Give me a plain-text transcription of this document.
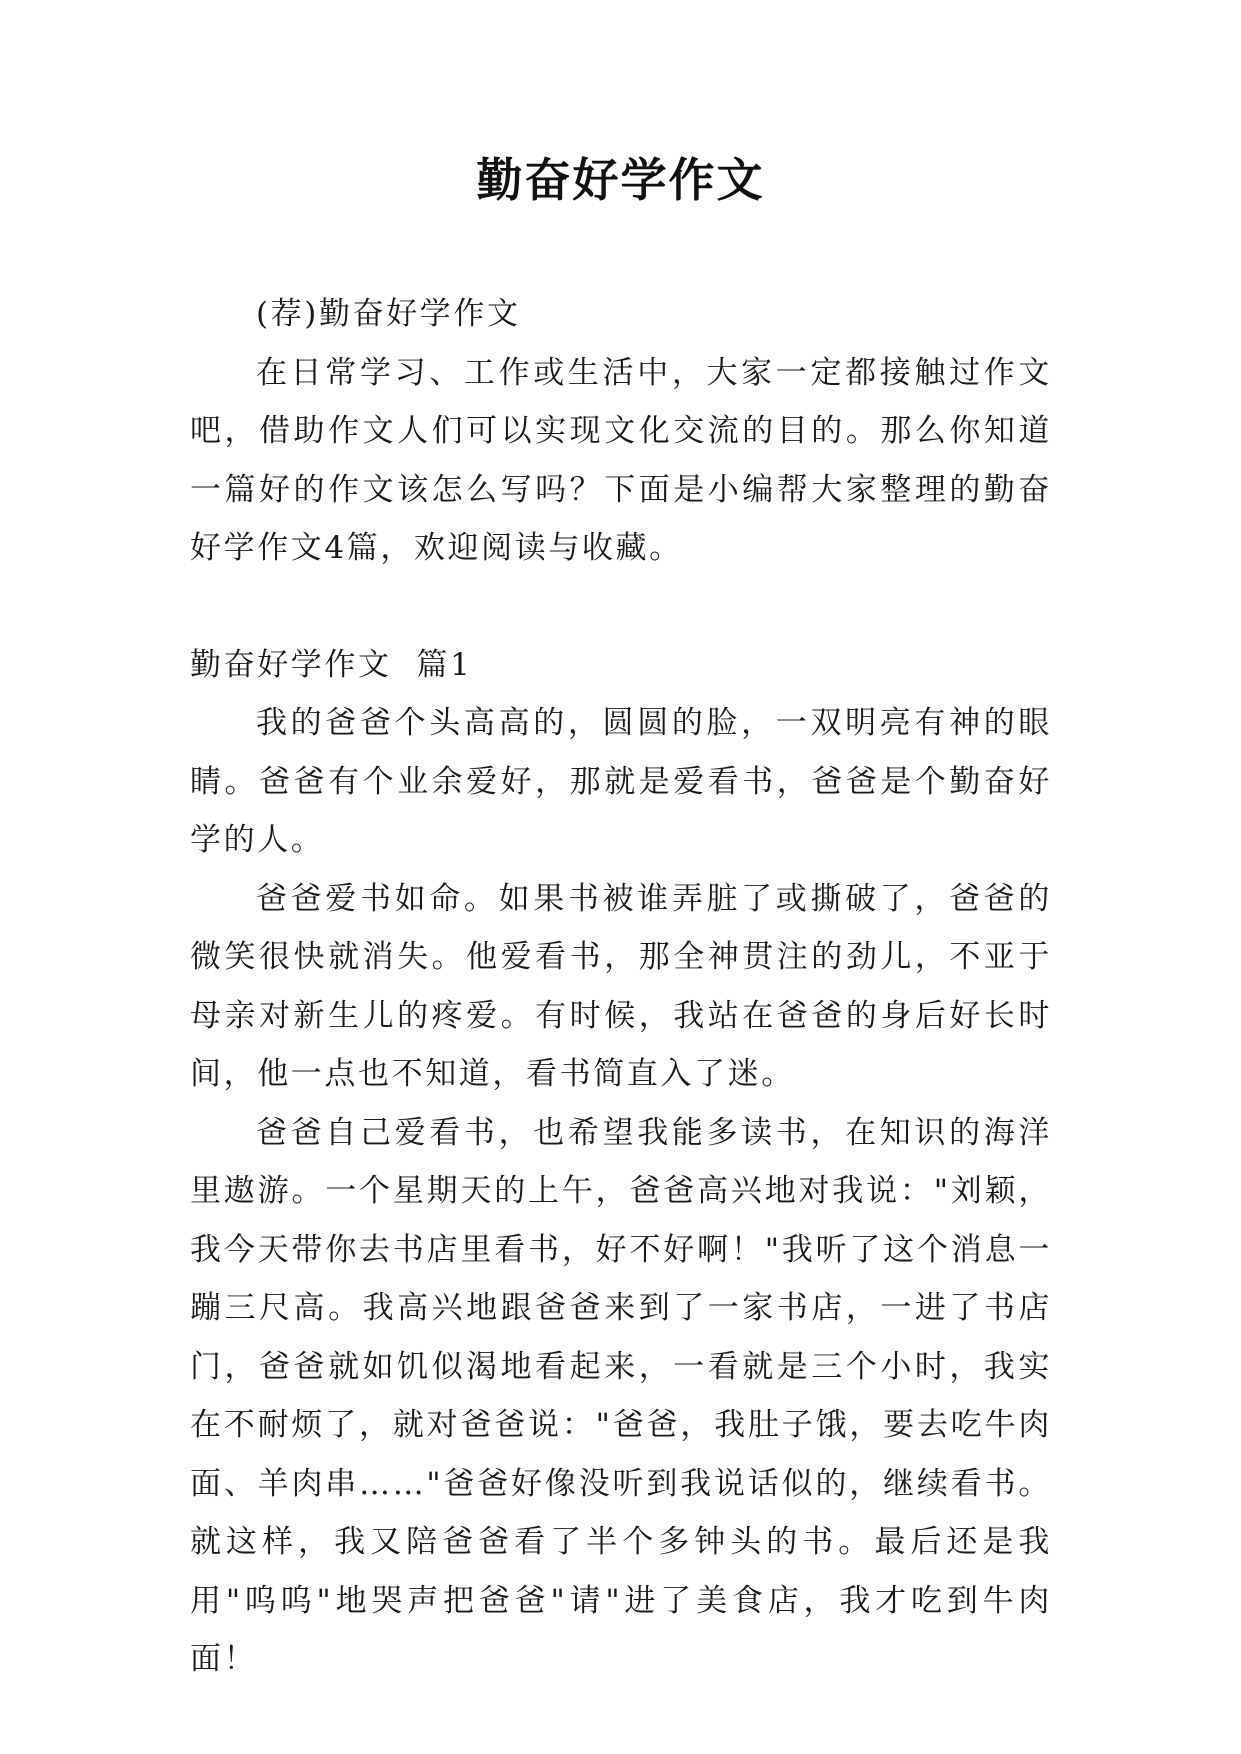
勤奋好学作文

(荐)勤奋好学作文

在日常学习、工作或生活中，大家一定都接触过作文吧，借助作文人们可以实现文化交流的目的。那么你知道一篇好的作文该怎么写吗？下面是小编帮大家整理的勤奋好学作文4篇，欢迎阅读与收藏。

勤奋好学作文  篇1

我的爸爸个头高高的，圆圆的脸，一双明亮有神的眼睛。爸爸有个业余爱好，那就是爱看书，爸爸是个勤奋好学的人。

爸爸爱书如命。如果书被谁弄脏了或撕破了，爸爸的微笑很快就消失。他爱看书，那全神贯注的劲儿，不亚于母亲对新生儿的疼爱。有时候，我站在爸爸的身后好长时间，他一点也不知道，看书简直入了迷。

爸爸自己爱看书，也希望我能多读书，在知识的海洋里遨游。一个星期天的上午，爸爸高兴地对我说："刘颖，我今天带你去书店里看书，好不好啊！"我听了这个消息一蹦三尺高。我高兴地跟爸爸来到了一家书店，一进了书店门，爸爸就如饥似渴地看起来，一看就是三个小时，我实在不耐烦了，就对爸爸说："爸爸，我肚子饿，要去吃牛肉面、羊肉串……"爸爸好像没听到我说话似的，继续看书。就这样，我又陪爸爸看了半个多钟头的书。最后还是我用"呜呜"地哭声把爸爸"请"进了美食店，我才吃到牛肉面！
